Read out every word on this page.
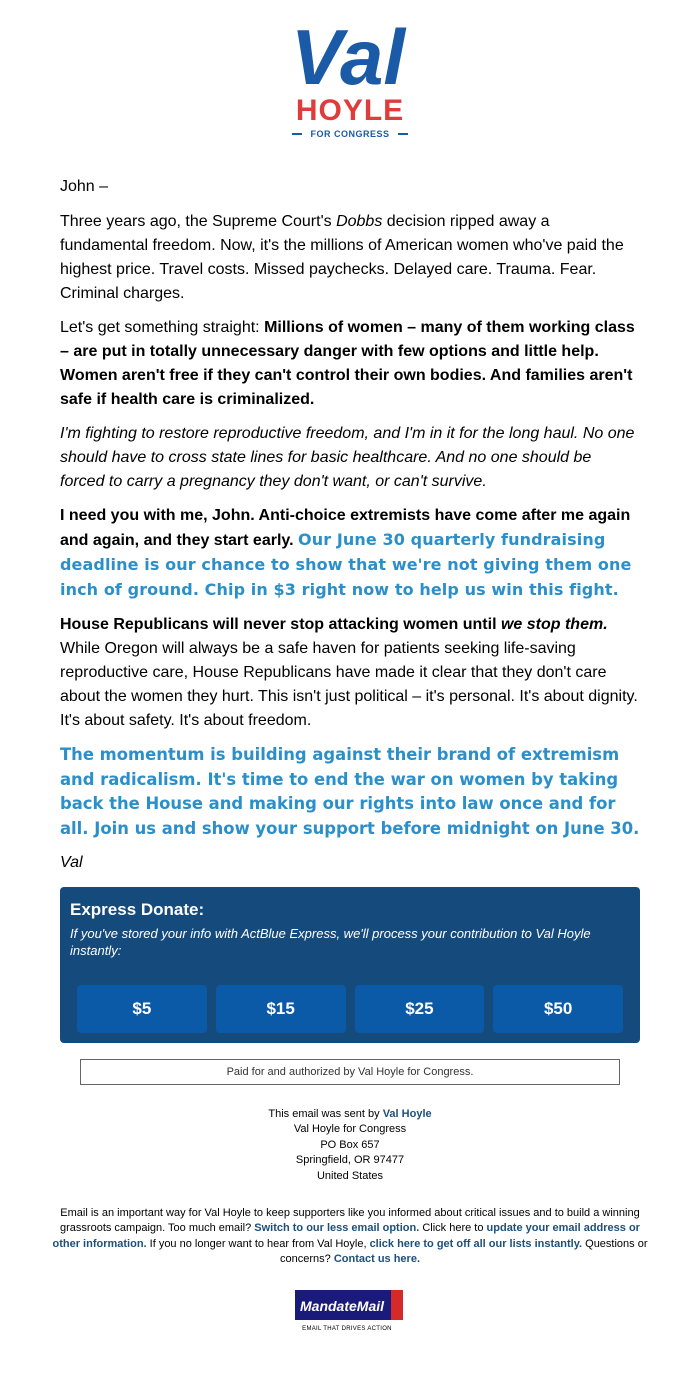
Val
HOYLE
FOR CONGRESS

John –

Three years ago, the Supreme Court's Dobbs decision ripped away a fundamental freedom. Now, it's the millions of American women who've paid the highest price. Travel costs. Missed paychecks. Delayed care. Trauma. Fear. Criminal charges.

Let's get something straight: Millions of women – many of them working class – are put in totally unnecessary danger with few options and little help. Women aren't free if they can't control their own bodies. And families aren't safe if health care is criminalized.

I'm fighting to restore reproductive freedom, and I'm in it for the long haul. No one should have to cross state lines for basic healthcare. And no one should be forced to carry a pregnancy they don't want, or can't survive.

I need you with me, John. Anti-choice extremists have come after me again and again, and they start early. Our June 30 quarterly fundraising deadline is our chance to show that we're not giving them one inch of ground. Chip in $3 right now to help us win this fight.

House Republicans will never stop attacking women until we stop them. While Oregon will always be a safe haven for patients seeking life-saving reproductive care, House Republicans have made it clear that they don't care about the women they hurt. This isn't just political – it's personal. It's about dignity. It's about safety. It's about freedom.

The momentum is building against their brand of extremism and radicalism. It's time to end the war on women by taking back the House and making our rights into law once and for all. Join us and show your support before midnight on June 30.

Val

Express Donate:

If you've stored your info with ActBlue Express, we'll process your contribution to Val Hoyle instantly:

$5	$15	$25	$50
Paid for and authorized by Val Hoyle for Congress.
This email was sent by Val Hoyle
Val Hoyle for Congress
PO Box 657
Springfield, OR 97477
United States
Email is an important way for Val Hoyle to keep supporters like you informed about critical issues and to build a winning grassroots campaign. Too much email? Switch to our less email option. Click here to update your email address or other information. If you no longer want to hear from Val Hoyle, click here to get off all our lists instantly. Questions or concerns? Contact us here.
MandateMail
EMAIL THAT DRIVES ACTION
